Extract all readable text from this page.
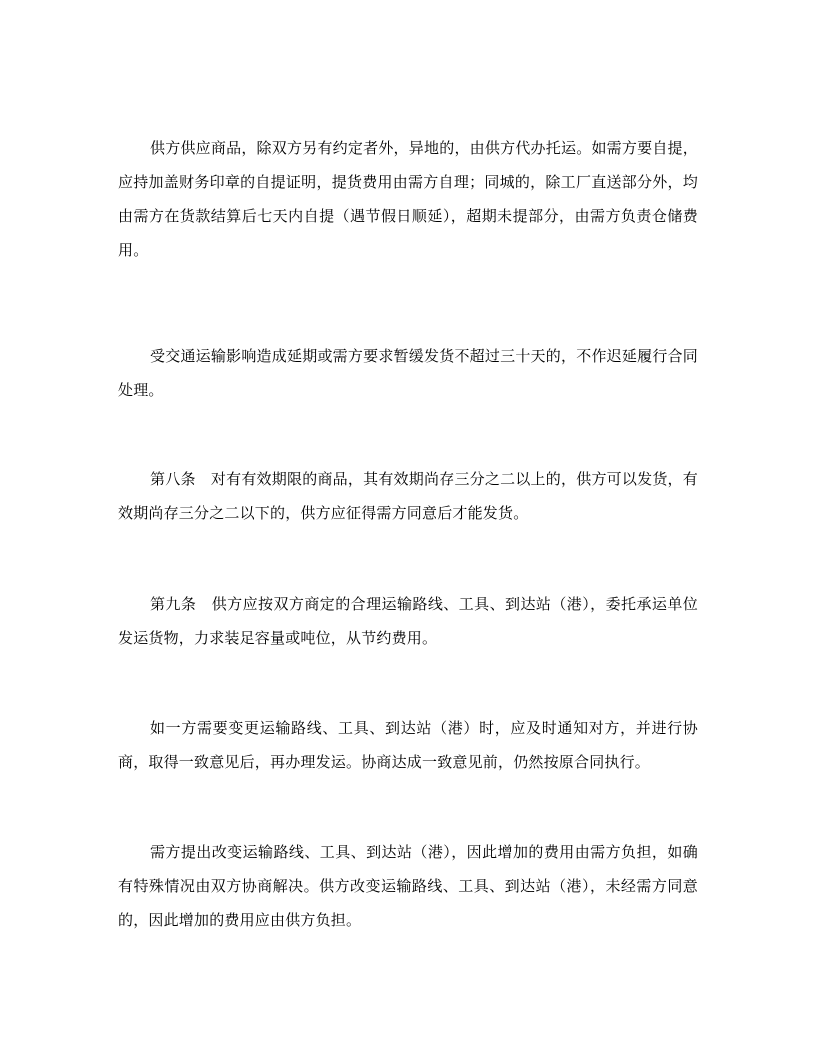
供方供应商品，除双方另有约定者外，异地的，由供方代办托运。如需方要自提，应持加盖财务印章的自提证明，提货费用由需方自理；同城的，除工厂直送部分外，均由需方在货款结算后七天内自提（遇节假日顺延），超期未提部分，由需方负责仓储费用。

受交通运输影响造成延期或需方要求暂缓发货不超过三十天的，不作迟延履行合同处理。

第八条　对有有效期限的商品，其有效期尚存三分之二以上的，供方可以发货，有效期尚存三分之二以下的，供方应征得需方同意后才能发货。

第九条　供方应按双方商定的合理运输路线、工具、到达站（港），委托承运单位发运货物，力求装足容量或吨位，从节约费用。

如一方需要变更运输路线、工具、到达站（港）时，应及时通知对方，并进行协商，取得一致意见后，再办理发运。协商达成一致意见前，仍然按原合同执行。

需方提出改变运输路线、工具、到达站（港），因此增加的费用由需方负担，如确有特殊情况由双方协商解决。供方改变运输路线、工具、到达站（港），未经需方同意的，因此增加的费用应由供方负担。
